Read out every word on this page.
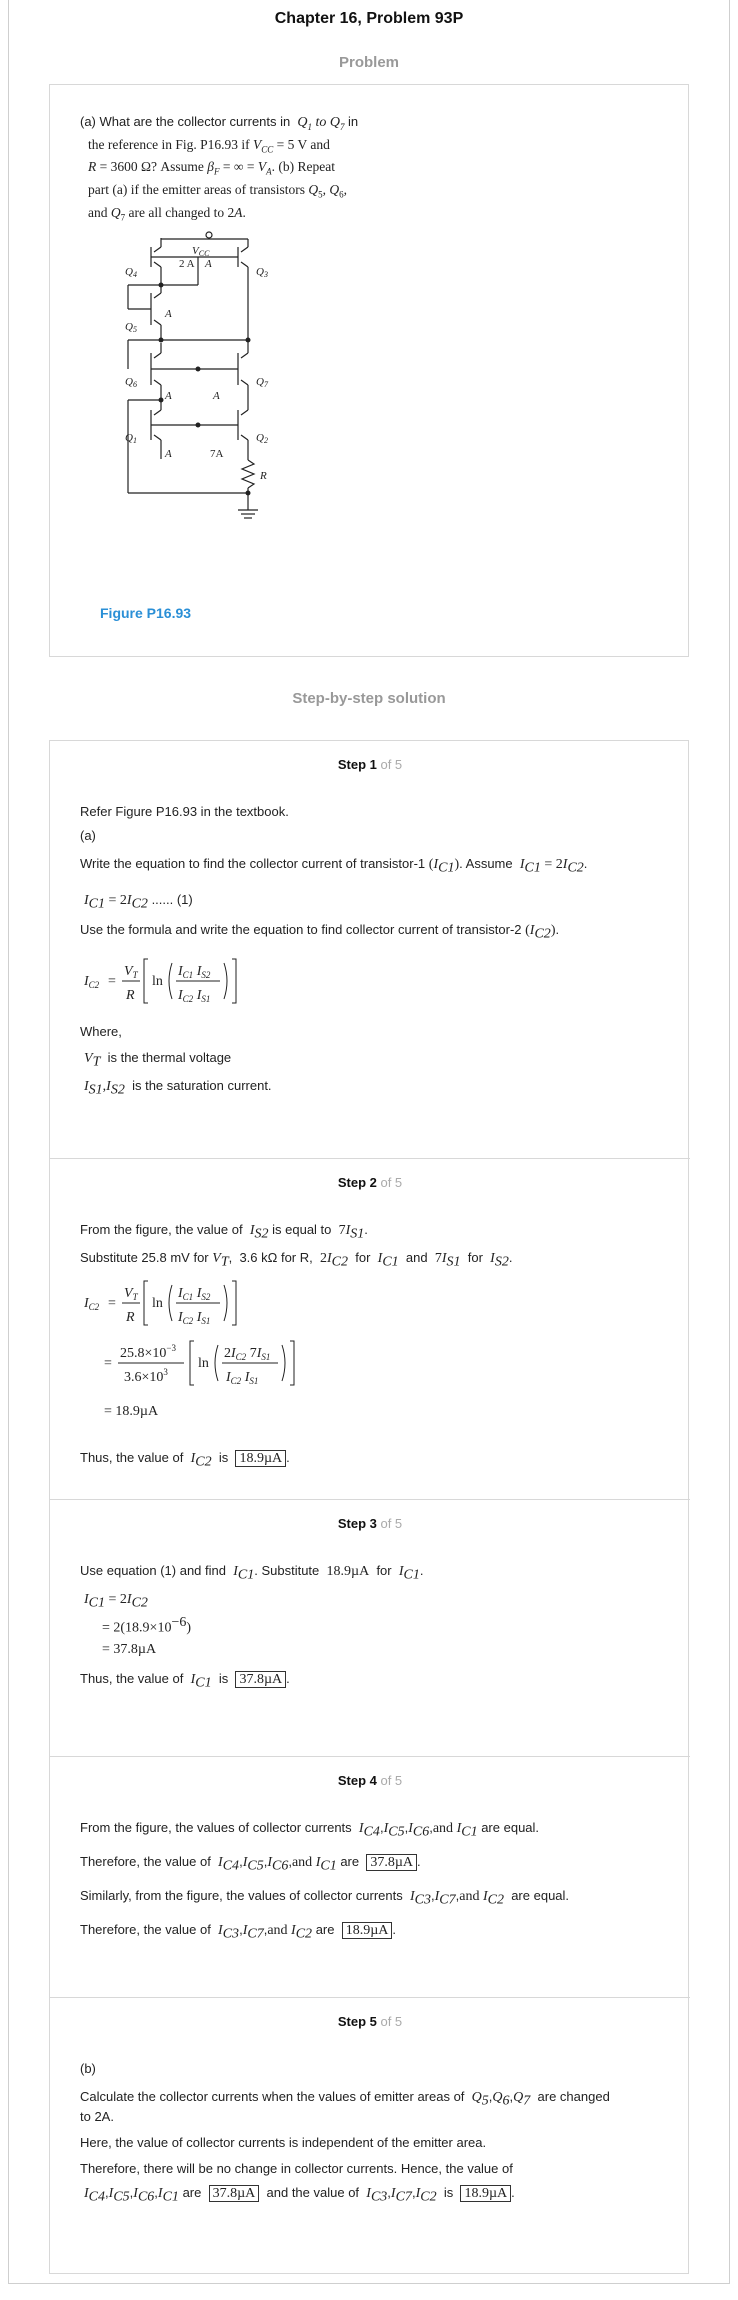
Chapter 16, Problem 93P
Problem
(a) What are the collector currents in $Q_1$ to $Q_7$ in
the reference in Fig. P16.93 if $V_{CC} = 5$ V and
R = 3600 Ω? Assume $\beta_F$ = ∞ = $V_A$. (b) Repeat
part (a) if the emitter areas of transistors $Q_5$, $Q_6$,
and $Q_7$ are all changed to 2A.
VCC
2 A A
Q4	Q3
A
Q5
Q6	Q7
A	A
Q1	Q2
A	7A
R
Figure P16.93
Step-by-step solution
Step 1 of 5
Refer Figure P16.93 in the textbook.
(a)
Write the equation to find the collector current of transistor-1 $(I_{C1})$. Assume $I_{C1} = 2I_{C2}$.
$I_{C1} = 2I_{C2}$ ...... (1)
Use the formula and write the equation to find collector current of transistor-2 $(I_{C2})$.
$I_{C2}$ =
$V_T$
R
ln
$I_{C1}$ $I_{S2}$
$I_{C2}$ $I_{S1}$
Where,
$V_T$ is the thermal voltage
$I_{S1},I_{S2}$ is the saturation current.
Step 2 of 5
From the figure, the value of $I_{S2}$ is equal to $7I_{S1}$.
Substitute 25.8 mV for $V_T$,  3.6 kΩ for R, $2I_{C2}$ for $I_{C1}$ and $7I_{S1}$ for $I_{S2}$.
$I_{C2}$ =
$V_T$
R
ln
$I_{C1}$ $I_{S2}$
$I_{C2}$ $I_{S1}$
=
$25.8\times 10^{-3}$
$3.6\times 10^3$
ln
$2I_{C2}$ $7I_{S1}$
$I_{C2}$ $I_{S1}$
= 18.9µA
Thus, the value of $I_{C2}$ is 18.9µA .
Step 3 of 5
Use equation (1) and find $I_{C1}$. Substitute 18.9µA for $I_{C1}$.
$I_{C1} = 2I_{C2}$
= $2(18.9\times 10^{-6})$
= 37.8µA
Thus, the value of $I_{C1}$ is 37.8µA .
Step 4 of 5
From the figure, the values of collector currents $I_{C4},I_{C5},I_{C6},and$ $I_{C1}$ are equal.
Therefore, the value of $I_{C4},I_{C5},I_{C6},and$ $I_{C1}$ are 37.8µA .
Similarly, from the figure, the values of collector currents $I_{C3},I_{C7},and$ $I_{C2}$ are equal.
Therefore, the value of $I_{C3},I_{C7},and$ $I_{C2}$ are 18.9µA .
Step 5 of 5
(b)
Calculate the collector currents when the values of emitter areas of $Q_5,Q_6,Q_7$ are changed
to 2A.
Here, the value of collector currents is independent of the emitter area.
Therefore, there will be no change in collector currents. Hence, the value of
$I_{C4},I_{C5},I_{C6},I_{C1}$ are 37.8µA and the value of $I_{C3},I_{C7},I_{C2}$ is 18.9µA .
